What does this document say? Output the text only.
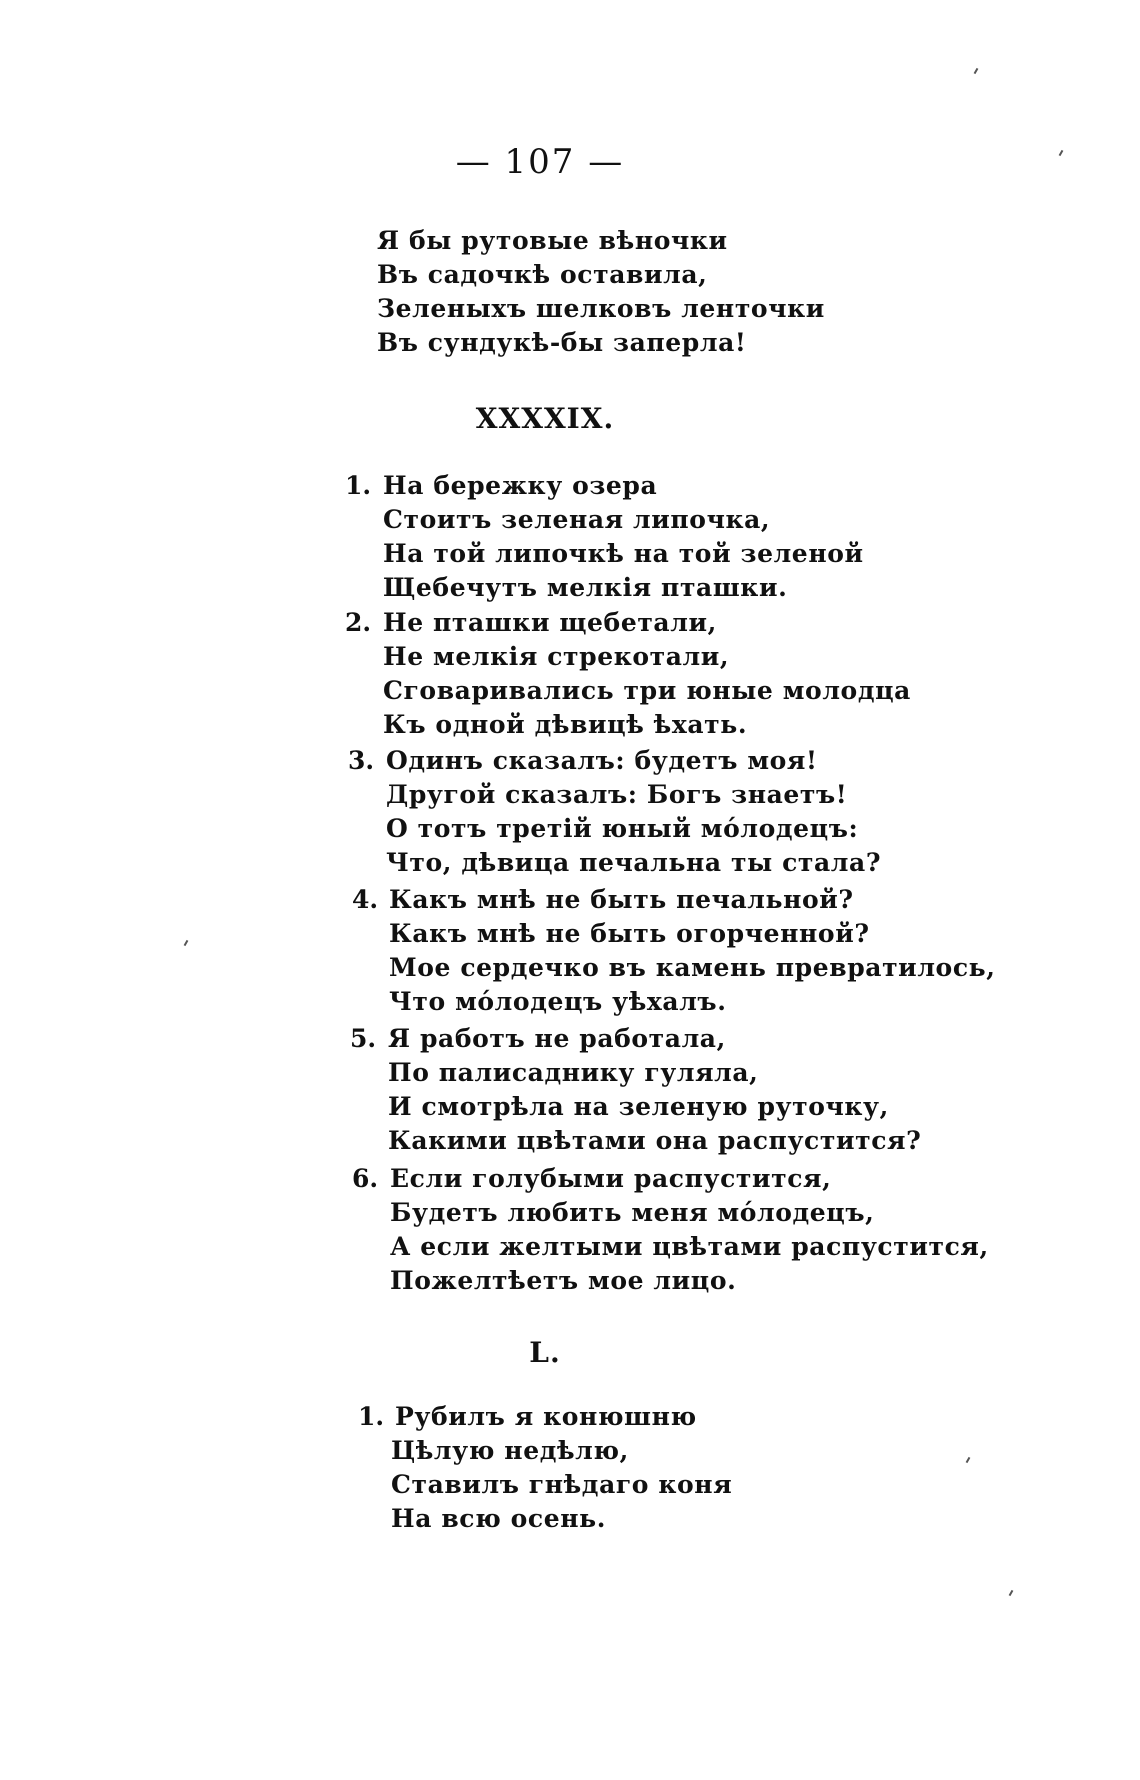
— 107 —
Я бы рутовые вѣночки
Въ садочкѣ оставила,
Зеленыхъ шелковъ ленточки
Въ сундукѣ-бы заперла!
XXXXIX.
1. На бережку озера
Стоитъ зеленая липочка,
На той липочкѣ на той зеленой
Щебечутъ мелкія пташки.
2. Не пташки щебетали,
Не мелкія стрекотали,
Сговаривались три юные молодца
Къ одной дѣвицѣ ѣхать.
3. Одинъ сказалъ: будетъ моя!
Другой сказалъ: Богъ знаетъ!
О тотъ третій юный мόлодецъ:
Что, дѣвица печальна ты стала?
4. Какъ мнѣ не быть печальной?
Какъ мнѣ не быть огорченной?
Мое сердечко въ камень превратилось,
Что мόлодецъ уѣхалъ.
5. Я работъ не работала,
По палисаднику гуляла,
И смотрѣла на зеленую руточку,
Какими цвѣтами она распустится?
6. Если голубыми распустится,
Будетъ любить меня мόлодецъ,
А если желтыми цвѣтами распустится,
Пожелтѣетъ мое лицо.
L.
1. Рубилъ я конюшню
Цѣлую недѣлю,
Ставилъ гнѣдаго коня
На всю осень.
